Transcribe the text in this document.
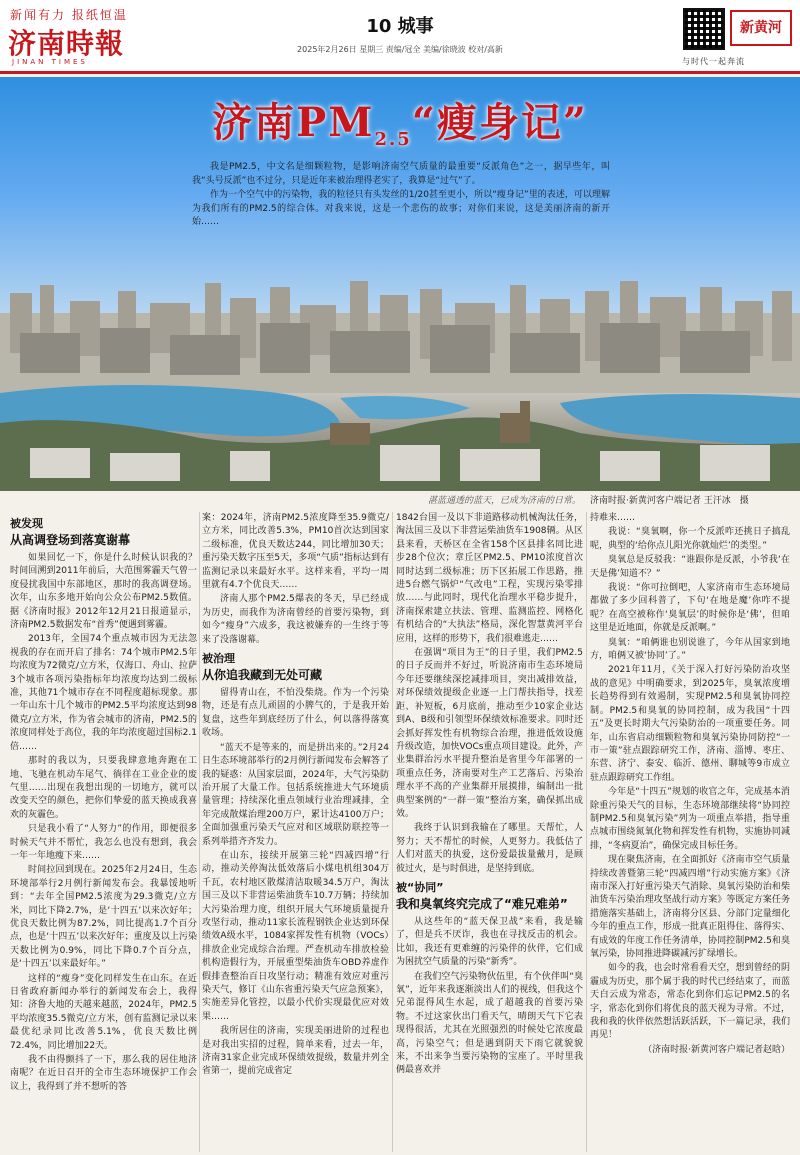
新闻有力 报纸恒温
济南時報
JINAN TIMES
10 城事
2025年2月26日 星期三 责编/冠全 美编/徐晓波 校对/高新
新黄河
与时代一起奔流
济南$PM_{2.5}“$瘦身记”

我是PM2.5，中文名是细颗粒物，是影响济南空气质量的最重要“反派角色”之一，据早些年，叫我“头号反派”也不过分，只是近年来被治理得老实了，我算是“过气”了。

作为一个空气中的污染物，我的粒径只有头发丝的1/20甚至更小，所以“瘦身记”里的表述，可以理解为我们所有的PM2.5的综合体。对我来说，这是一个悲伤的故事；对你们来说，这是美丽济南的新开始……

湛蓝通透的蓝天，已成为济南的日常。 济南时报·新黄河客户端记者 王汗冰　摄
被发现
从高调登场到落寞谢幕

如果回忆一下，你是什么时候认识我的？时间回溯到2011年前后，大范围雾霾天气曾一度侵扰我国中东部地区，那时的我高调登场。次年，山东多地开始向公众公布PM2.5数值。据《济南时报》2012年12月21日报道显示，济南PM2.5数据发布“首秀”便遇到雾霾。

2013年，全国74个重点城市因为无法忽视我的存在而开启了排名：74个城市PM2.5年均浓度为72微克/立方米，仅海口、舟山、拉萨3个城市各项污染指标年均浓度均达到二级标准，其他71个城市存在不同程度超标现象。那一年山东十几个城市的PM2.5平均浓度达到98微克/立方米，作为省会城市的济南，PM2.5的浓度同样处于高位，我的年均浓度超过国标2.1倍……

那时的我以为，只要我肆意地奔跑在工地、飞驰在机动车尾气、徜徉在工业企业的废气里……出现在我想出现的一切地方，就可以改变天空的颜色，把你们挚爱的蓝天换成我喜欢的灰霾色。

只是我小看了“人努力”的作用，即便很多时候天气并不帮忙，我怎么也没有想到，我会一年一年地瘦下来……

时间拉回到现在。2025年2月24日，生态环境部举行2月例行新闻发布会。我暴馁地听到：“去年全国PM2.5浓度为29.3微克/立方米，同比下降2.7%，是‘十四五’以来次好年；优良天数比例为87.2%，同比提高1.7个百分点，也是‘十四五’以来次好年；重度及以上污染天数比例为0.9%，同比下降0.7个百分点，是‘十四五’以来最好年。”

这样的“瘦身”变化同样发生在山东。在近日省政府新闻办举行的新闻发布会上，我得知：济鲁大地的天越来越蓝，2024年，PM2.5平均浓度35.5微克/立方米，创有监测记录以来最优纪录同比改善5.1%，优良天数比例72.4%，同比增加22天。

我不由得颤抖了一下，那么我的居住地济南呢？在近日召开的全市生态环境保护工作会议上，我得到了并不想听的答

案：2024年，济南PM2.5浓度降至35.9微克/立方米，同比改善5.3%，PM10首次达到国家二级标准，优良天数达244，同比增加30天；重污染天数字压至5天，多项“气质”指标达到有监测记录以来最好水平。这样来看，平均一周里就有4.7个优良天……

济南人那个PM2.5爆表的冬天，早已经成为历史，而我作为济南曾经的首要污染物，到如今“瘦身”六成多，我这被嫌弃的一生终于等来了没落谢幕。

被治理
从你追我藏到无处可藏

留得青山在，不怕没柴烧。作为一个污染物，还是有点儿顽固的小脾气的，于是我开始复盘，这些年到底经历了什么，何以落得落寞收场。

“蓝天不是等来的，而是拼出来的。”2月24日生态环境部举行的2月例行新闻发布会解答了我的疑惑：从国家层面，2024年，大气污染防治开展了大量工作。包括系统推进大气环境质量管理；持续深化重点领域行业治理减排，全年完成散煤治理200万户，累计达4100万户；全面加强重污染天气应对和区域联防联控等一系列举措齐齐发力。

在山东，接续开展第三轮“四减四增”行动，推动关停淘汰低效落后小煤电机组304万千瓦，农村地区散煤清洁取暖34.5万户，淘汰国三及以下非营运柴油货车10.7万辆；持续加大污染治理力度，组织开展大气环境质量提升攻坚行动，推动11家长流程钢铁企业达到环保绩效A级水平，1084家挥发性有机物（VOCs）排放企业完成综合治理。严查机动车排放检验机构造假行为，开展重型柴油货车OBD养虚作假排查整治百日攻坚行动；精准有效应对重污染天气，修订《山东省重污染天气应急预案》，实施差异化管控，以最小代价实现最优应对效果……

我所居住的济南，实现美丽进阶的过程也是对我出实招的过程，简单来看，过去一年，济南31家企业完成环保绩效提级，数量并列全省第一，提前完成省定

1842台国一及以下非道路移动机械淘汰任务，淘汰国三及以下非营运柴油货车1908辆。从区县来看，天桥区在全省158个区县排名同比进步28个位次；章丘区PM2.5、PM10浓度首次同时达到二级标准；历下区拓展工作思路，推进5台燃气锅炉“气改电”工程，实现污染零排放……与此同时，现代化治理水平稳步提升，济南探索建立扶法、管理、监测监控、网格化有机结合的“大执法”格局，深化智慧黄河平台应用，这样的形势下，我们很难逃走……

在强调“项目为王”的日子里，我们PM2.5的日子反而并不好过，听说济南市生态环境局今年还要继续深挖减排项目，突出减排效益，对环保绩效提级企业逐一上门帮扶指导，找差距、补短板，6月底前，推动至少10家企业达到A、B级和引领型环保绩效标准要求。同时还会抓好挥发性有机物综合治理，推进低效设施升级改造，加快VOCs重点项目建设。此外，产业集群治污水平提升整治是省里今年部署的一项重点任务，济南要对生产工艺落后、污染治理水平不高的产业集群开展摸排，编制出一批典型案例的“一群一策”整治方案，确保抓出成效。

我终于认识到我输在了哪里。天帮忙，人努力；天不帮忙的时候，人更努力。我低估了人们对蓝天的执爱，这份爱最拔量戴月，是顾彼过火，是与时俱进，是坚持到底。

被“协同”
我和臭氧终究完成了“难兄难弟”

从这些年的“蓝天保卫战”来看，我是输了，但是兵不厌诈，我也在寻找反击的机会。比如，我还有更难缠的污染伴的伙伴，它们成为困扰空气质量的污染“新秀”。

在我们空气污染物伙伍里，有个伙伴叫“臭氧”，近年来我逐渐淡出人们的视线，但我这个兄弟混得风生水起，成了超越我的首要污染物。不过这家伙出门看天气，晴朗天气下它表现得很活，尤其在光照强烈的时候处它浓度最高，污染空气；但是遇到阴天下雨它就貌貌来，不出来争当要污染物的宝座了。平时里我俩最喜欢并

持难来……

我说：“臭氧啊，你一个反派咋还挑日子搞乱呢，典型的‘给你点儿阳光你就灿烂’的类型。”

臭氧总是反驳我：“谁跟你是反派，小爷我‘在天是佛’知道不？”

我说：“你可拉倒吧，人家济南市生态环境局都做了多少回科普了，下句‘在地是魔’你咋不提呢？在高空被称作‘臭氧层’的时候你是‘佛’，但咱这里是近地面，你就是反派啊。”

臭氧：“咱俩谁也别说谁了，今年从国家到地方，咱俩又被‘协同’了。”

2021年11月，《关于深入打好污染防治攻坚战的意见》中明确要求，到2025年，臭氧浓度增长趋势得到有效遏制，实现PM2.5和臭氧协同控制。PM2.5和臭氧的协同控制，成为我国“十四五”及更长时期大气污染防治的一项重要任务。同年，山东省启动细颗粒物和臭氧污染协同防控“一市一策”驻点跟踪研究工作，济南、淄博、枣庄、东营、济宁、泰安、临沂、德州、聊城等9市成立驻点跟踪研究工作组。

今年是“十四五”规划的收官之年，完成基本消除重污染天气的目标，生态环境部继续将“协同控制PM2.5和臭氧污染”列为一项重点举措，指导重点城市围绕氮氧化物和挥发性有机物，实施协同减排，“冬病夏治”，确保完成目标任务。

现在聚焦济南，在全面抓好《济南市空气质量持续改善暨第三轮“四减四增”行动实施方案》《济南市深入打好重污染天气消除、臭氧污染防治和柴油货车污染治理攻坚战行动方案》等既定方案任务措施落实基础上，济南将分区县、分部门定量细化今年的重点工作，形成一批真正阻得住、落得实、有成效的年度工作任务清单，协同控制PM2.5和臭氧污染，协同推进降碳减污扩绿增长。

如今的我，也会时常看看天空，想到曾经的阴霾成为历史，那个属于我的时代已经结束了，而蓝天白云成为常态，常态化到你们忘记PM2.5的名字，常态化到你们将优良的蓝天视为寻常。不过，我和我的伙伴依然想活跃活跃，下一篇记录，我们再见！

（济南时报·新黄河客户端记者赵晗）
